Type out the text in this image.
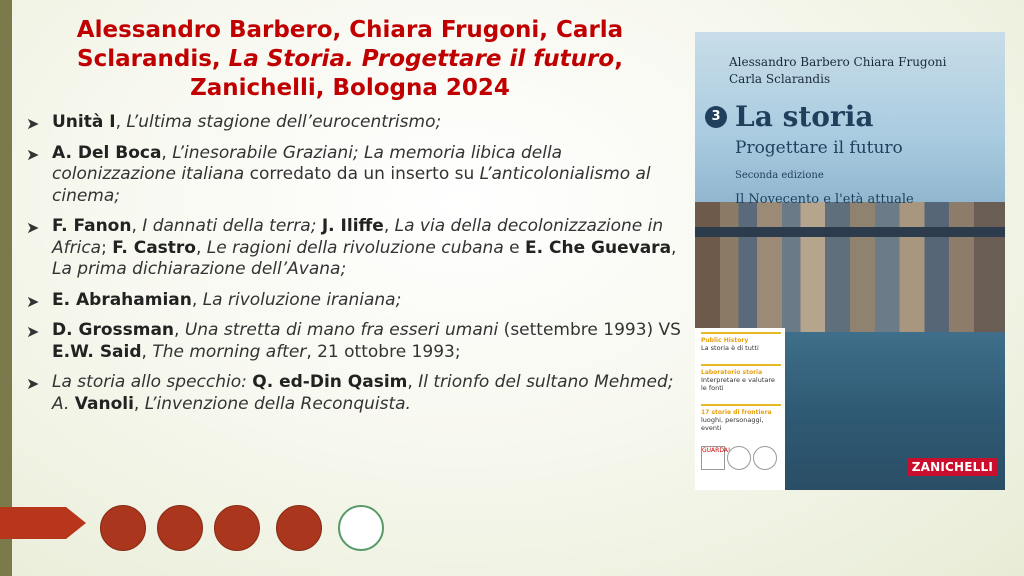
Alessandro Barbero, Chiara Frugoni, Carla Sclarandis, La Storia. Progettare il futuro, Zanichelli, Bologna 2024
➤ Unità I, L’ultima stagione dell’eurocentrismo;
➤ A. Del Boca, L’inesorabile Graziani; La memoria libica della colonizzazione italiana corredato da un inserto su L’anticolonialismo al cinema;
➤ F. Fanon, I dannati della terra; J. Iliffe, La via della decolonizzazione in Africa; F. Castro, Le ragioni della rivoluzione cubana e E. Che Guevara, La prima dichiarazione dell’Avana;
➤ E. Abrahamian, La rivoluzione iraniana;
➤ D. Grossman, Una stretta di mano fra esseri umani (settembre 1993) VS E.W. Said, The morning after, 21 ottobre 1993;
➤ La storia allo specchio: Q. ed-Din Qasim, Il trionfo del sultano Mehmed; A. Vanoli, L’invenzione della Reconquista.
Alessandro Barbero Chiara Frugoni
Carla Sclarandis
3 La storia
Progettare il futuro
Seconda edizione
Il Novecento e l'età attuale
Public History
La storia è di tutti
Laboratorio storia
Interpretare e valutare le fonti
17 storie di frontiera
luoghi, personaggi, eventi
GUARDA!
ZANICHELLI
